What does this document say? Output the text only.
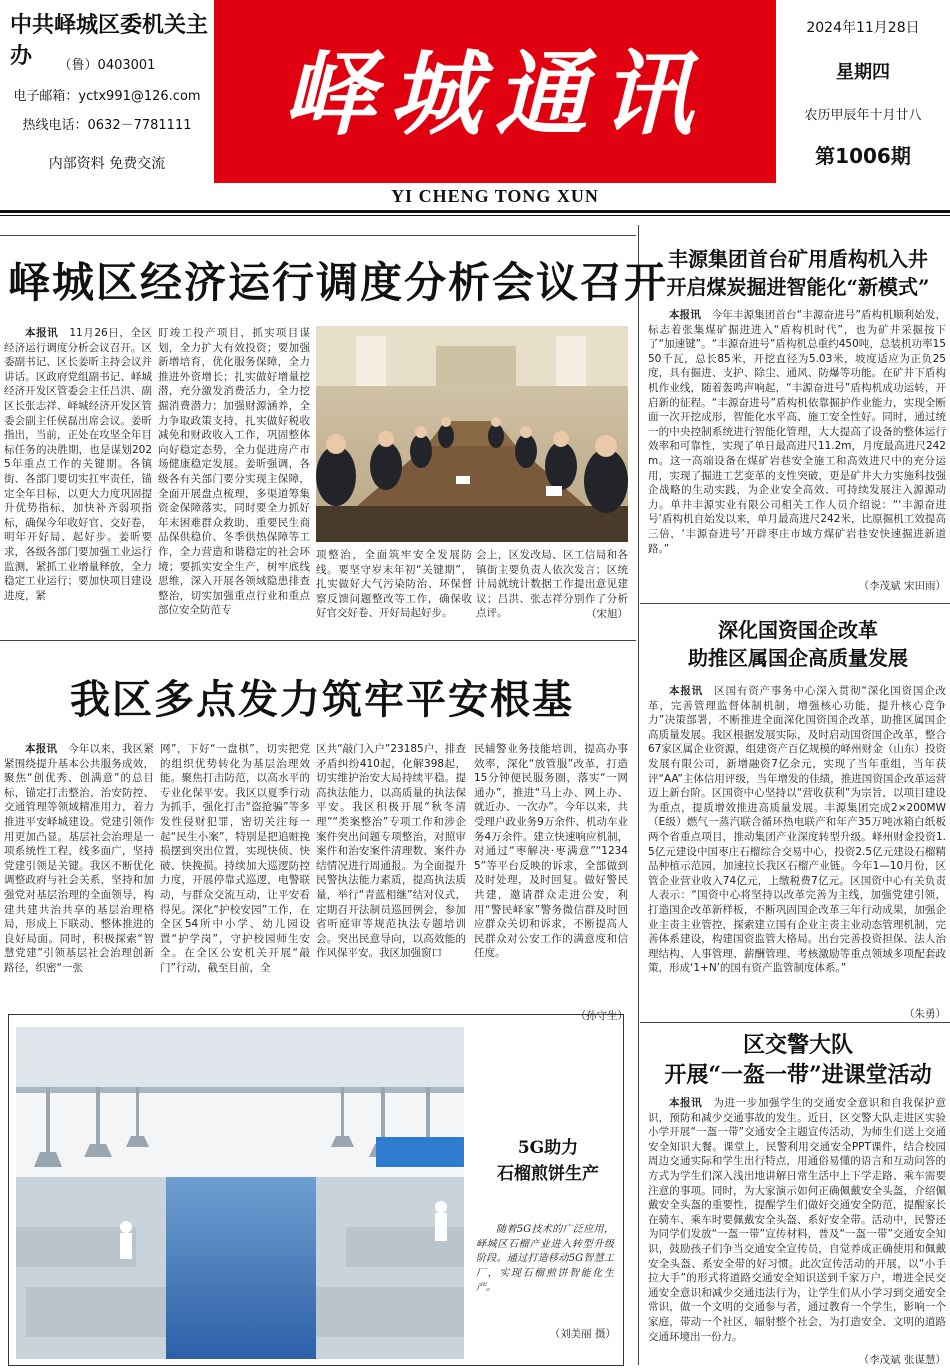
中共峄城区委机关主办	（鲁）0403001
电子邮箱：yctx991@126.com
热线电话：0632－7781111
内部资料 免费交流
峄城通讯
YI CHENG TONG XUN
2024年11月28日
星期四
农历甲辰年十月廿八
第1006期
峄城区经济运行调度分析会议召开

本报讯　 11月26日，全区经济运行调度分析会议召开。区委副书记、区长姜昕主持会议并讲话。区政府党组副书记、峄城经济开发区管委会主任吕洪、副区长张志祥、峄城经济开发区管委会副主任侯磊出席会议。姜昕指出，当前，正处在攻坚全年目标任务的决胜期，也是谋划2025年重点工作的关键期。各镇街、各部门要切实扛牢责任，锚定全年目标，以更大力度巩固提升优势指标，加快补齐弱项指标，确保今年收好官、交好卷，明年开好局、起好步。姜昕要求，各级各部门要加强工业运行监测，紧抓工业增量释放，全力稳定工业运行；要加快项目建设进度，紧

盯竣工投产项目，抓实项目谋划，全力扩大有效投资；要加强新增培育，优化服务保障，全力推进外资增长；扎实做好增量挖潜，充分激发消费活力，全力挖掘消费潜力；加强财源涵养，全力争取政策支持，扎实做好税收减免和财政收入工作，巩固整体向好稳定态势，全力促进房产市场健康稳定发展。姜昕强调，各级各有关部门要分实现主保障，全面开展盘点梳理，多渠道筹集资金保障落实，同时要全力抓好年末困难群众救助、重要民生商品保供稳价、冬季供热保障等工作，全力营造和谐稳定的社会环境；要抓实安全生产，树牢底线思维，深入开展各领域隐患排查整治，切实加强重点行业和重点部位安全防范专
项整治，全面筑牢安全发展防线。要坚守岁末年初“关键期”，扎实做好大气污染防治、环保督察反馈问题整改等工作，确保收好官交好卷、开好局起好步。
会上，区发改局、区工信局和各镇街主要负责人依次发言；区统计局就统计数据工作提出意见建议；吕洪、张志祥分别作了分析点评。	（宋旭）
我区多点发力筑牢平安根基

本报讯　 今年以来，我区紧紧围绕提升基本公共服务成效，聚焦“创优秀、创满意”的总目标，锚定打击整治、治安防控、交通管理等领域精准用力，着力推进平安峄城建设。党建引领作用更加凸显。基层社会治理是一项系统性工程，线多面广，坚持党建引领是关键。我区不断优化调整政府与社会关系，坚持和加强党对基层治理的全面领导，构建共建共治共享的基层治理格局，形成上下联动、整体推进的良好局面。同时，积极探索“智慧党建”引领基层社会治理创新路径，织密“一张

网”，下好“一盘棋”，切实把党的组织优势转化为基层治理效能。聚焦打击防范，以高水平的专业化保平安。我区以夏季行动为抓手，强化打击“盗抢骗”等多发性侵财犯罪，密切关注每一起“民生小案”，特别是把追赃挽损摆到突出位置，实现快侦、快破、快挽损。持续加大巡逻防控力度，开展停靠式巡逻，电警联动，与群众交流互动，让平安看得见。深化“护校安园”工作，在全区54所中小学、幼儿园设置“护学岗”，守护校园师生安全。在全区公安机关开展“敲门”行动，截至目前，全
区共“敲门入户”23185户，排查矛盾纠纷410起，化解398起，切实维护治安大局持续平稳。提高执法能力，以高质量的执法保平安。我区积极开展“秋冬清理”“类案整治”专项工作和涉企案件突出问题专项整治，对照审案件和治安案件清理数、案件办结情况进行周通报。为全面提升民警执法能力素质，提高执法质量，举行“青蓝相继”结对仪式，定期召开法制员巡回例会，参加省听庭审等规范执法专题培训会。突出民意导向，以高效能的作风保平安。我区加强窗口
民辅警业务技能培训，提高办事效率，深化“放管服”改革，打造15分钟便民服务圈，落实“一网通办”，推进“马上办、网上办、就近办、一次办”。今年以来，共受理户政业务9万余件、机动车业务4万余件。建立快速响应机制，对通过“枣解决·枣满意”“12345”等平台反映的诉求，全部做到及时处理，及时回复。做好警民共建，邀请群众走进公安，利用“警民峄家”警务微信群及时回应群众关切和诉求，不断提高人民群众对公安工作的满意度和信任度。
（孙守生）
5G助力
石榴煎饼生产
随着5G技术的广泛应用，峄城区石榴产业进入转型升级阶段。通过打造移动5G智慧工厂，实现石榴煎饼智能化生产。
（刘美丽 摄）
丰源集团首台矿用盾构机入井
开启煤炭掘进智能化“新模式”

本报讯　 今年丰源集团首台“丰源奋进号”盾构机顺利始发，标志着张集煤矿掘进进入“盾构机时代”，也为矿井采掘按下了“加速键”。“丰源奋进号”盾构机总重约450吨，总装机功率1550千瓦，总长85米，开挖直径为5.03米，坡度适应为正负25度，具有掘进、支护、除尘、通风、防爆等功能。在矿井下盾构机作业线，随着轰鸣声响起，“丰源奋进号”盾构机成功运转，开启新的征程。“丰源奋进号”盾构机依靠掘护作业能力，实现全断面一次开挖成形，智能化水平高、施工安全性好。同时，通过统一的中央控制系统进行智能化管理，大大提高了设备的整体运行效率和可靠性，实现了单日最高进尺11.2m，月度最高进尺242m。这一高端设备在煤矿岩巷安全施工和高效进尺中的充分运用，实现了掘进工艺变革的支性突破，更是矿井大力实施科技强企战略的生动实践，为企业安全高效、可持续发展注入源源动力。单井丰源实业有限公司相关工作人员介绍说：“‘丰源奋进号’盾构机自始发以来，单月最高进尺242米，比原掘机工效提高三倍，‘丰源奋进号’开辟枣庄市域方煤矿岩巷安快速掘进新道路。”

（李茂斌 宋田雨）
深化国资国企改革
助推区属国企高质量发展

本报讯　 区国有资产事务中心深入贯彻“深化国资国企改革，完善管理监督体制机制，增强核心功能，提升核心竞争力”决策部署，不断推进全面深化国资国企改革，助推区属国企高质量发展。我区根据发展实际，及时启动国资国企改革，整合67家区属企业资源，组建资产百亿规模的峄州财金（山东）投资发展有限公司，新增融资7亿余元，实现了当年重组，当年获评“AA”主体信用评级，当年增发的佳绩，推进国资国企改革运营迈上新台阶。区国资中心坚持以“营收获利”为宗旨，以项目建设为重点，提质增效推进高质量发展。丰源集团完成2×200MW（E级）燃气一蒸汽联合循环热电联产和年产35万吨冰箱白纸板两个省重点项目，推动集团产业深度转型升级。峄州财金投资1.5亿元建设中国枣庄石榴综合交易中心，投资2.5亿元建设石榴精品种植示范园，加速拉长我区石榴产业链。今年1—10月份，区管企业营业收入74亿元，上缴税费7亿元。区国资中心有关负责人表示：“国资中心将坚持以改革完善为主线，加强党建引领，打造国企改革新样板，不断巩固国企改革三年行动成果，加强企业主责主业管控，探索建立国有企业主责主业动态管理机制，完善体系建设，构建国资监管大格局。出台完善投资担保、法人治理结构、人事管理、薪酬管理、考核激励等重点领域多项配套政策，形成‘1+N’的国有资产监管制度体系。”

（朱勇）
区交警大队
开展“一盔一带”进课堂活动

本报讯　 为进一步加强学生的交通安全意识和自我保护意识，预防和减少交通事故的发生。近日，区交警大队走进区实验小学开展“一盔一带”交通安全主题宣传活动，为师生们送上交通安全知识大餐。课堂上，民警利用交通安全PPT课件，结合校园周边交通实际和学生出行特点，用通俗易懂的语言和互动问答的方式为学生们深入浅出地讲解日常生活中上下学走路、乘车需要注意的事项。同时，为大家演示如何正确佩戴安全头盔，介绍佩戴安全头盔的重要性，提醒学生们做好交通安全防范，提醒家长在骑车、乘车时要佩戴安全头盔、系好安全带。活动中，民警还为同学们发放“一盔一带”宣传材料，普及“一盔一带”交通安全知识，鼓励孩子们争当交通安全宣传员，自觉养成正确使用和佩戴安全头盔、系安全带的好习惯。此次宣传活动的开展，以“小手拉大手”的形式将道路交通安全知识送到千家万户，增进全民交通安全意识和减少交通违法行为，让学生们从小学习到交通安全常识，做一个文明的交通参与者，通过教育一个学生，影响一个家庭，带动一个社区，辐射整个社会，为打造安全、文明的道路交通环境出一份力。

（李茂斌 张谋慧）
